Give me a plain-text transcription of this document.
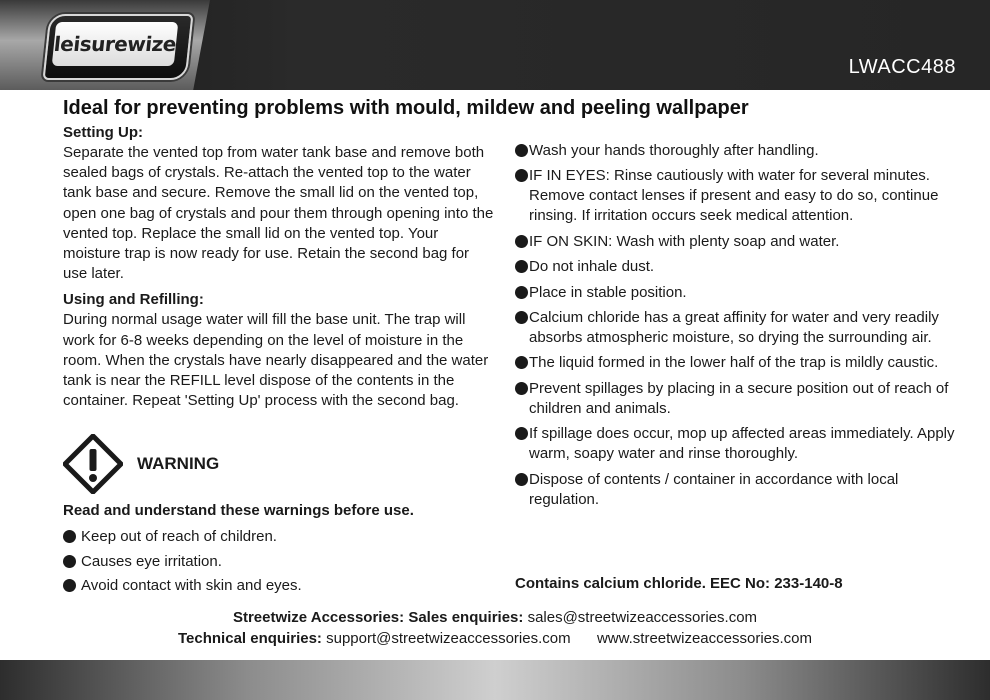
leisurewize
LWACC488
Ideal for preventing problems with mould, mildew and peeling wallpaper

Setting Up:

Separate the vented top from water tank base and remove both sealed bags of crystals. Re-attach the vented top to the water tank base and secure. Remove the small lid on the vented top, open one bag of crystals and pour them through opening into the vented top. Replace the small lid on the vented top. Your moisture trap is now ready for use. Retain the second bag for use later.

Using and Refilling:

During normal usage water will fill the base unit. The trap will work for 6-8 weeks depending on the level of moisture in the room. When the crystals have nearly disappeared and the water tank is near the REFILL level dispose of the contents in the container. Repeat 'Setting Up' process with the second bag.

WARNING

Read and understand these warnings before use.

Keep out of reach of children.
Causes eye irritation.
Avoid contact with skin and eyes.
Wash your hands thoroughly after handling.
IF IN EYES: Rinse cautiously with water for several minutes. Remove contact lenses if present and easy to do so, continue rinsing. If irritation occurs seek medical attention.
IF ON SKIN: Wash with plenty soap and water.
Do not inhale dust.
Place in stable position.
Calcium chloride has a great affinity for water and very readily absorbs atmospheric moisture, so drying the surrounding air.
The liquid formed in the lower half of the trap is mildly caustic.
Prevent spillages by placing in a secure position out of reach of children and animals.
If spillage does occur, mop up affected areas immediately. Apply warm, soapy water and rinse thoroughly.
Dispose of contents / container in accordance with local regulation.

Contains calcium chloride. EEC No: 233-140-8

Streetwize Accessories: Sales enquiries: sales@streetwizeaccessories.com

Technical enquiries: support@streetwizeaccessories.com www.streetwizeaccessories.com
